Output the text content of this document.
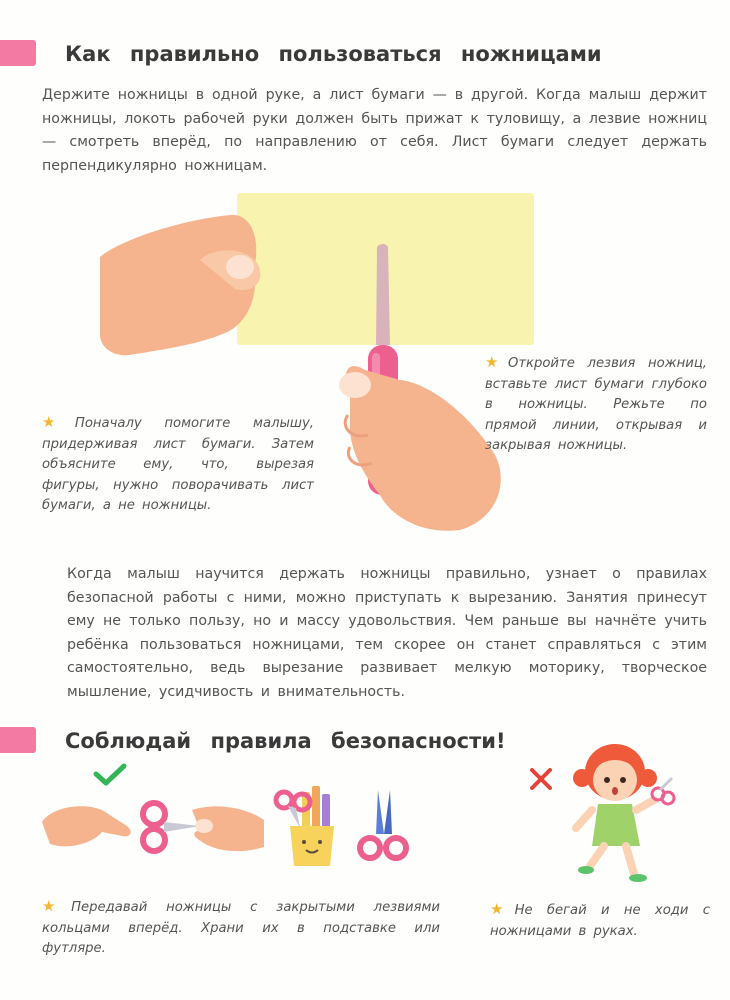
Как правильно пользоваться ножницами

Держите ножницы в одной руке, а лист бумаги — в другой. Когда малыш держит ножницы, локоть рабочей руки должен быть прижат к туловищу, а лезвие ножниц — смотреть вперёд, по направлению от себя. Лист бумаги следует держать перпендикулярно ножницам.

★ Откройте лезвия ножниц, вставьте лист бумаги глубоко в ножницы. Режьте по прямой линии, открывая и закрывая ножницы.

★ Поначалу помогите малышу, придерживая лист бумаги. Затем объясните ему, что, вырезая фигуры, нужно поворачивать лист бумаги, а не ножницы.

Когда малыш научится держать ножницы правильно, узнает о правилах безопасной работы с ними, можно приступать к вырезанию. Занятия принесут ему не только пользу, но и массу удовольствия. Чем раньше вы начнёте учить ребёнка пользоваться ножницами, тем скорее он станет справляться с этим самостоятельно, ведь вырезание развивает мелкую моторику, творческое мышление, усидчивость и внимательность.

Соблюдай правила безопасности!

★ Передавай ножницы с закрытыми лезвиями кольцами вперёд. Храни их в подставке или футляре.

★ Не бегай и не ходи с ножницами в руках.
